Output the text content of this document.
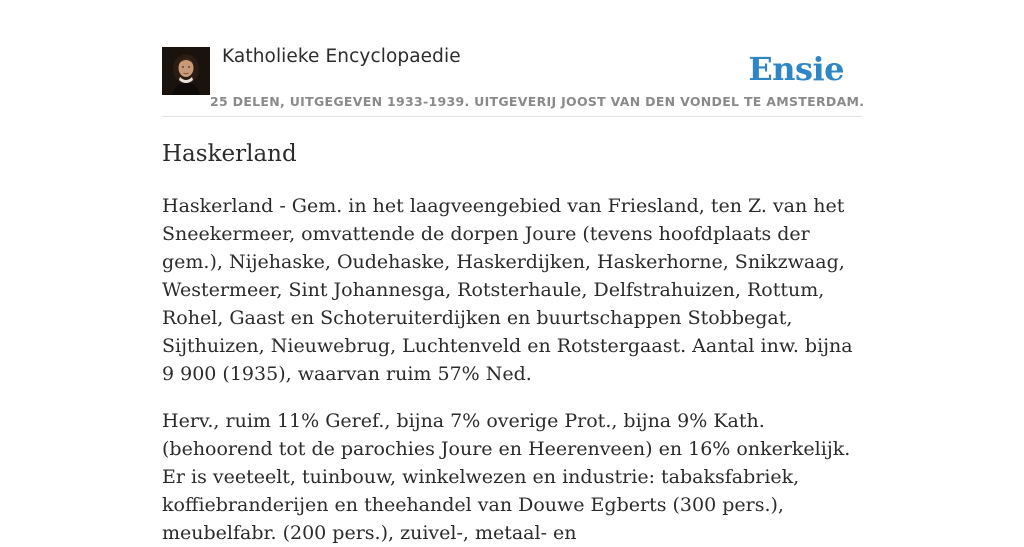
Katholieke Encyclopaedie
25 DELEN, UITGEGEVEN 1933-1939. UITGEVERIJ JOOST VAN DEN VONDEL TE AMSTERDAM.
Ensie
Haskerland

Haskerland - Gem. in het laagveengebied van Friesland, ten Z. van het Sneekermeer, omvattende de dorpen Joure (tevens hoofdplaats der gem.), Nijehaske, Oudehaske, Haskerdijken, Haskerhorne, Snikzwaag, Westermeer, Sint Johannesga, Rotsterhaule, Delfstrahuizen, Rottum, Rohel, Gaast en Schoteruiterdijken en buurtschappen Stobbegat, Sijthuizen, Nieuwebrug, Luchtenveld en Rotstergaast. Aantal inw. bijna 9 900 (1935), waarvan ruim 57% Ned.

Herv., ruim 11% Geref., bijna 7% overige Prot., bijna 9% Kath. (behoorend tot de parochies Joure en Heerenveen) en 16% onkerkelijk. Er is veeteelt, tuinbouw, winkelwezen en industrie: tabaksfabriek, koffiebranderijen en theehandel van Douwe Egberts (300 pers.), meubelfabr. (200 pers.), zuivel-, metaal- en
